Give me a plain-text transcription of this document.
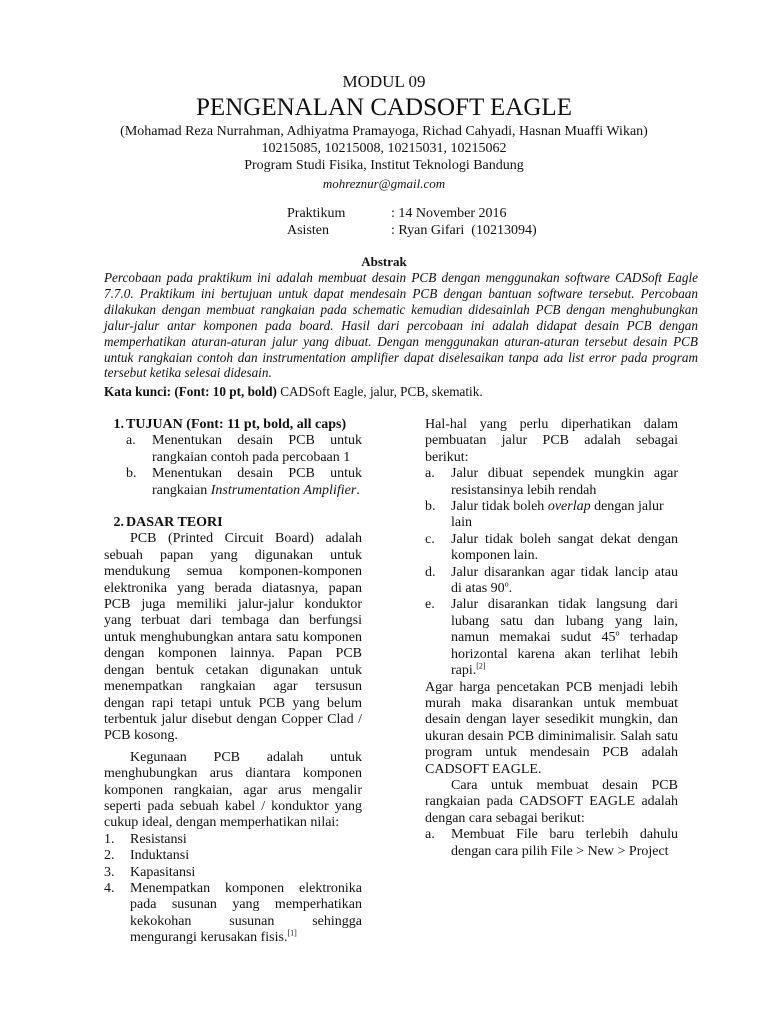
MODUL 09
PENGENALAN CADSOFT EAGLE
(Mohamad Reza Nurrahman, Adhiyatma Pramayoga, Richad Cahyadi, Hasnan Muaffi Wikan)
10215085, 10215008, 10215031, 10215062
Program Studi Fisika, Institut Teknologi Bandung
mohreznur@gmail.com
Praktikum	: 14 November 2016
Asisten	: Ryan Gifari  (10213094)
Abstrak
Percobaan pada praktikum ini adalah membuat desain PCB dengan menggunakan software CADSoft Eagle 7.7.0. Praktikum ini bertujuan untuk dapat mendesain PCB dengan bantuan software tersebut. Percobaan dilakukan dengan membuat rangkaian pada schematic kemudian didesainlah PCB dengan menghubungkan jalur-jalur antar komponen pada board. Hasil dari percobaan ini adalah didapat desain PCB dengan memperhatikan aturan-aturan jalur yang dibuat. Dengan menggunakan aturan-aturan tersebut desain PCB untuk rangkaian contoh dan instrumentation amplifier dapat diselesaikan tanpa ada list error pada program tersebut ketika selesai didesain.
Kata kunci: (Font: 10 pt, bold) CADSoft Eagle, jalur, PCB, skematik.
1. TUJUAN (Font: 11 pt, bold, all caps)
a. Menentukan desain PCB untuk
rangkaian contoh pada percobaan 1
b. Menentukan desain PCB untuk
rangkaian Instrumentation Amplifier.
2. DASAR TEORI
PCB (Printed Circuit Board) adalah sebuah papan yang digunakan untuk mendukung semua komponen-komponen elektronika yang berada diatasnya, papan PCB juga memiliki jalur-jalur konduktor yang terbuat dari tembaga dan berfungsi untuk menghubungkan antara satu komponen dengan komponen lainnya. Papan PCB dengan bentuk cetakan digunakan untuk menempatkan rangkaian agar tersusun dengan rapi tetapi untuk PCB yang belum terbentuk jalur disebut dengan Copper Clad / PCB kosong.
Kegunaan PCB adalah untuk menghubungkan arus diantara komponen komponen rangkaian, agar arus mengalir seperti pada sebuah kabel / konduktor yang cukup ideal, dengan memperhatikan nilai:
1. Resistansi
2. Induktansi
3. Kapasitansi
4. Menempatkan komponen elektronika pada susunan yang memperhatikan kekokohan susunan sehingga mengurangi kerusakan fisis.[1]
Hal-hal yang perlu diperhatikan dalam pembuatan jalur PCB adalah sebagai berikut:
a. Jalur dibuat sependek mungkin agar resistansinya lebih rendah
b. Jalur tidak boleh overlap dengan jalur lain
c. Jalur tidak boleh sangat dekat dengan komponen lain.
d. Jalur disarankan agar tidak lancip atau di atas 90$^o$.
e. Jalur disarankan tidak langsung dari lubang satu dan lubang yang lain, namun memakai sudut 45$^o$ terhadap horizontal karena akan terlihat lebih rapi.[2]
Agar harga pencetakan PCB menjadi lebih murah maka disarankan untuk membuat desain dengan layer sesedikit mungkin, dan ukuran desain PCB diminimalisir. Salah satu program untuk mendesain PCB adalah CADSOFT EAGLE.
Cara untuk membuat desain PCB rangkaian pada CADSOFT EAGLE adalah dengan cara sebagai berikut:
a. Membuat File baru terlebih dahulu dengan cara pilih File > New > Project
